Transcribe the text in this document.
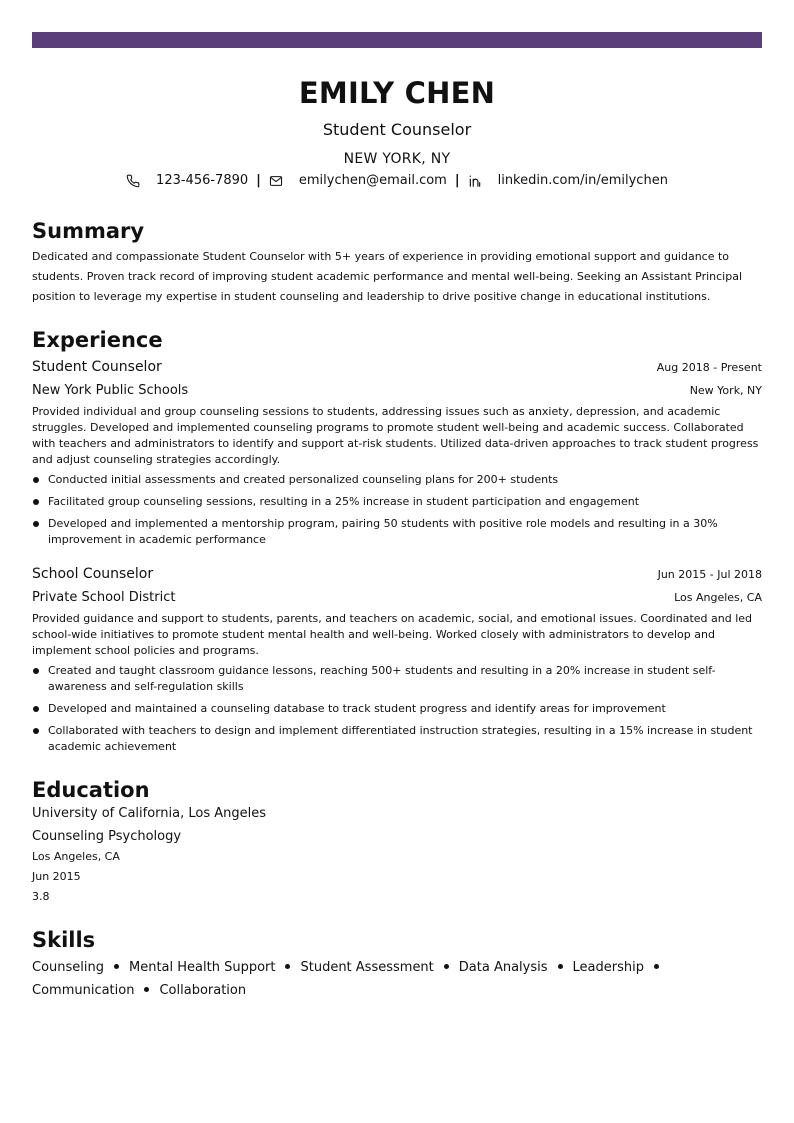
EMILY CHEN
Student Counselor
NEW YORK, NY
123-456-7890 |	emilychen@email.com |	linkedin.com/in/emilychen
Summary
Dedicated and compassionate Student Counselor with 5+ years of experience in providing emotional support and guidance to students. Proven track record of improving student academic performance and mental well-being. Seeking an Assistant Principal position to leverage my expertise in student counseling and leadership to drive positive change in educational institutions.
Experience
Student Counselor	Aug 2018 - Present
New York Public Schools	New York, NY
Provided individual and group counseling sessions to students, addressing issues such as anxiety, depression, and academic struggles. Developed and implemented counseling programs to promote student well-being and academic success. Collaborated with teachers and administrators to identify and support at-risk students. Utilized data-driven approaches to track student progress and adjust counseling strategies accordingly.
Conducted initial assessments and created personalized counseling plans for 200+ students
Facilitated group counseling sessions, resulting in a 25% increase in student participation and engagement
Developed and implemented a mentorship program, pairing 50 students with positive role models and resulting in a 30% improvement in academic performance
School Counselor	Jun 2015 - Jul 2018
Private School District	Los Angeles, CA
Provided guidance and support to students, parents, and teachers on academic, social, and emotional issues. Coordinated and led school-wide initiatives to promote student mental health and well-being. Worked closely with administrators to develop and implement school policies and programs.
Created and taught classroom guidance lessons, reaching 500+ students and resulting in a 20% increase in student self-awareness and self-regulation skills
Developed and maintained a counseling database to track student progress and identify areas for improvement
Collaborated with teachers to design and implement differentiated instruction strategies, resulting in a 15% increase in student academic achievement
Education
University of California, Los Angeles
Counseling Psychology
Los Angeles, CA
Jun 2015
3.8
Skills
Counseling	Mental Health Support	Student Assessment	Data Analysis	Leadership
Communication	Collaboration
